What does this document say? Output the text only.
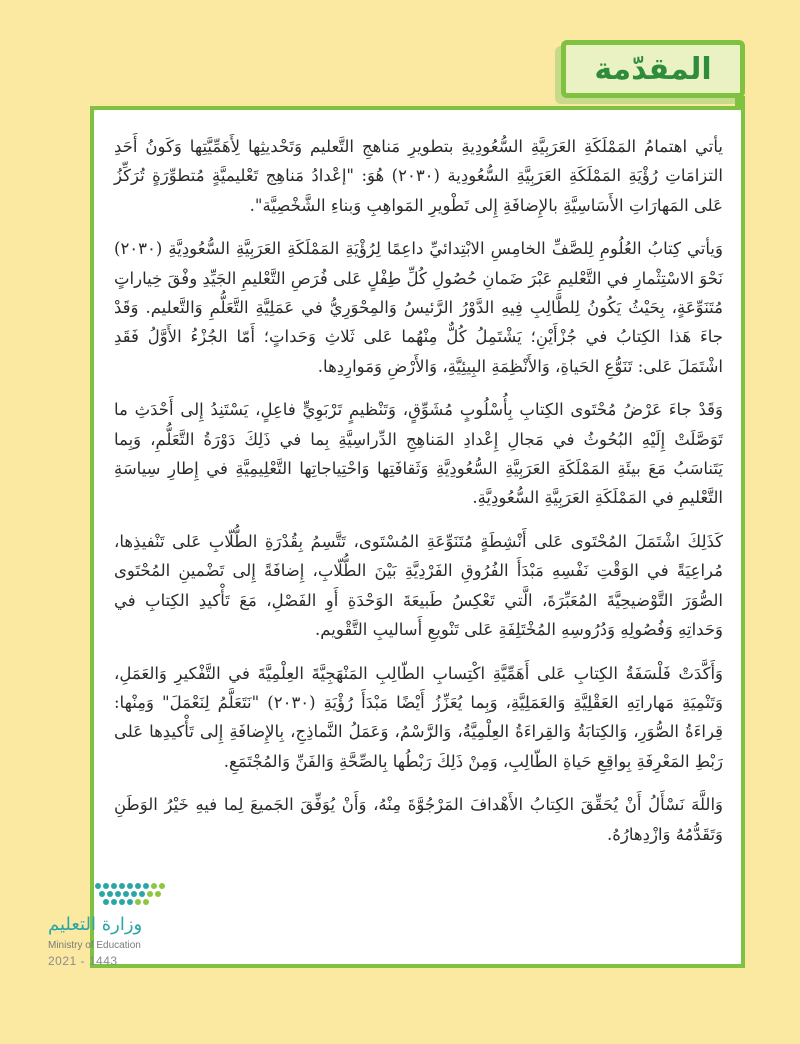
المقدّمة

يأتي اهتمامُ المَمْلَكَةِ العَرَبِيَّةِ السُّعُودِيةِ بتطويرِ مَناهجِ التَّعليم وَتَحْديثِها لِأَهَمِّيَّتِها وَكَونُ أَحَدِ التزامَاتِ رُؤْيَةِ المَمْلَكَةِ العَرَبِيَّةِ السُّعُودِية (٢٠٣٠) هُوَ: "إعْدادُ مَناهِج تَعْليميَّةٍ مُتطوِّرَةٍ تُرَكِّزُ عَلى المَهارَاتِ الأَسَاسِيَّةِ بالإِضافَةِ إِلى تَطْويرِ المَواهِبِ وَبناءِ الشَّخْصِيَّة".

وَيأتي كِتابُ العُلُومِ لِلصَّفِّ الخامِسِ الابْتِدائيِّ داعِمًا لِرُؤْيَةِ المَمْلَكَةِ العَرَبِيَّةِ السُّعُودِيَّةِ (٢٠٣٠) نَحْوَ الاسْتِثْمارِ في التَّعْليمِ عَبْرَ ضَمانِ حُصُولِ كُلِّ طِفْلٍ عَلى فُرَصِ التَّعْليمِ الجَيِّدِ وفْقَ خِياراتٍ مُتَنَوِّعَةٍ، بِحَيْثُ يَكُونُ لِلطَّالِبِ فِيهِ الدَّوْرُ الرَّئيسُ وَالمِحْوَرِيُّ في عَمَلِيَّةِ التَّعَلُّمِ وَالتَّعليم. وَقَدْ جاءَ هَذا الكِتابُ في جُزْأَيْنِ؛ يَشْتَمِلُ كُلٌّ مِنْهُما عَلى ثَلاثِ وَحَداتٍ؛ أَمّا الجُزْءُ الأَوَّلُ فَقَدِ اشْتَمَلَ عَلى: تَنَوُّعِ الحَياةِ، وَالأَنْظِمَةِ البِيئِيَّةِ، وَالأَرْضِ وَمَوارِدِها.

وَقَدْ جاءَ عَرْضُ مُحْتَوى الكِتابِ بِأُسْلُوبٍ مُشَوِّقٍ، وَتَنْظيمٍ تَرْبَوِيٍّ فاعِلٍ، يَسْتَنِدُ إِلى أَحْدَثِ ما تَوَصَّلَتْ إِلَيْهِ البُحُوثُ في مَجالِ إِعْدادِ المَناهِجِ الدِّراسِيَّةِ بِما في ذَلِكَ دَوْرَةُ التَّعَلُّمِ، وَبِما يَتَناسَبُ مَعَ بيئَةِ المَمْلَكَةِ العَرَبِيَّةِ السُّعُودِيَّةِ وَثَقافَتِها وَاحْتِياجاتِها التَّعْلِيمِيَّةِ في إِطارِ سِياسَةِ التَّعْليمِ في المَمْلَكَةِ العَرَبِيَّةِ السُّعُودِيَّةِ.

كَذَلِكَ اشْتَمَلَ المُحْتَوى عَلى أَنْشِطَةٍ مُتَنَوِّعَةِ المُسْتَوى، تَتَّسِمُ بِقُدْرَةِ الطُّلّابِ عَلى تَنْفيذِها، مُراعِيَةً في الوَقْتِ نَفْسِهِ مَبْدَأَ الفُرُوقِ الفَرْدِيَّةِ بَيْنَ الطُّلّابِ، إِضافَةً إِلى تَضْمينِ المُحْتَوى الصُّوَرَ التَّوْضيحِيَّةَ المُعَبِّرَةَ، الَّتي تَعْكِسُ طَبيعَةَ الوَحْدَةِ أَوِ الفَصْلِ، مَعَ تَأْكيدِ الكِتابِ في وَحَداتِهِ وَفُصُولِهِ وَدُرُوسِهِ المُخْتَلِفَةِ عَلى تَنْويعِ أَساليبِ التَّقْويم.

وَأَكَّدَتْ فَلْسَفَةُ الكِتابِ عَلى أَهَمِّيَّةِ اكْتِسابِ الطّالِبِ المَنْهَجِيَّةَ العِلْمِيَّةَ في التَّفْكيرِ وَالعَمَلِ، وَتَنْمِيَةِ مَهاراتِهِ العَقْلِيَّةِ وَالعَمَلِيَّةِ، وَبِما يُعَزِّزُ أَيْضًا مَبْدَأَ رُؤْيَةِ (٢٠٣٠) "نَتَعَلَّمُ لِنَعْمَلَ" وَمِنْها: قِراءَةُ الصُّوَرِ، وَالكِتابَةُ وَالقِراءَةُ العِلْمِيَّةُ، وَالرَّسْمُ، وَعَمَلُ النَّماذِجِ، بِالإِضافَةِ إِلى تَأْكيدِها عَلى رَبْطِ المَعْرِفَةِ بِواقِعِ حَياةِ الطّالِبِ، وَمِنْ ذَلِكَ رَبْطُها بِالصِّحَّةِ وَالفَنِّ وَالمُجْتَمَعِ.

وَاللَّهَ نَسْأَلُ أَنْ يُحَقِّقَ الكِتابُ الأَهْدافَ المَرْجُوَّةَ مِنْهُ، وَأَنْ يُوَفِّقَ الجَميعَ لِما فيهِ خَيْرُ الوَطَنِ وَتَقَدُّمُهُ وَازْدِهارُهُ.

وزارة التعليم
Ministry of Education
2021 - 1443
